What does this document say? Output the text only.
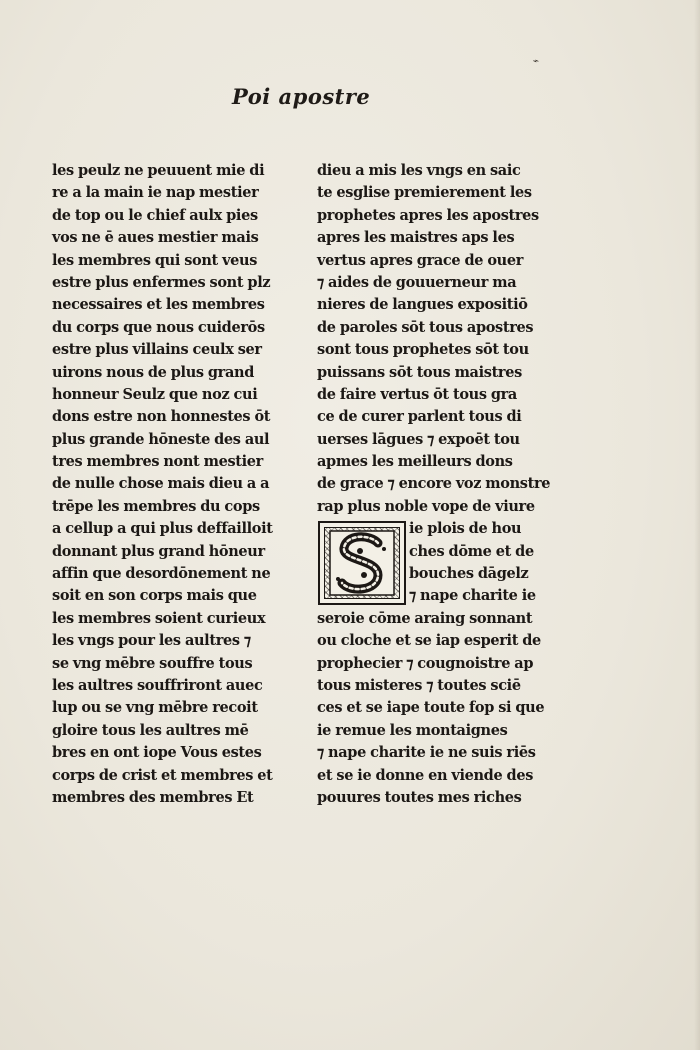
⌁
Poi apostre
les peulz ne peuuent mie di
re a la main ie nap mestier
de top ou le chief aulx pies
vos ne ē aues mestier mais
les membres qui sont veus
estre plus enfermes sont plz
necessaires et les membres
du corps que nous cuiderōs
estre plus villains ceulx ser
uirons nous de plus grand
honneur Seulz que noz cui
dons estre non honnestes ōt
plus grande hōneste des aul
tres membres nont mestier
de nulle chose mais dieu a a
trēpe les membres du cops
a cellup a qui plus deffailloit
donnant plus grand hōneur
affin que desordōnement ne
soit en son corps mais que
les membres soient curieux
les vngs pour les aultres ⁊
se vng mēbre souffre tous
les aultres souffriront auec
lup ou se vng mēbre recoit
gloire tous les aultres mē
bres en ont iope Vous estes
corps de crist et membres et
membres des membres Et
dieu a mis les vngs en saic
te esglise premierement les
prophetes apres les apostres
apres les maistres aps les
vertus apres grace de ouer
⁊ aides de gouuerneur ma
nieres de langues expositiō
de paroles sōt tous apostres
sont tous prophetes sōt tou
puissans sōt tous maistres
de faire vertus ōt tous gra
ce de curer parlent tous di
uerses lāgues ⁊ expoēt tou
apmes les meilleurs dons
de grace ⁊ encore voz monstre
rap plus noble vope de viure
ie plois de hou
ches dōme et de
bouches dāgelz
⁊ nape charite ie
seroie cōme araing sonnant
ou cloche et se iap esperit de
prophecier ⁊ cougnoistre ap
tous misteres ⁊ toutes sciē
ces et se iape toute fop si que
ie remue les montaignes
⁊ nape charite ie ne suis riēs
et se ie donne en viende des
pouures toutes mes riches
